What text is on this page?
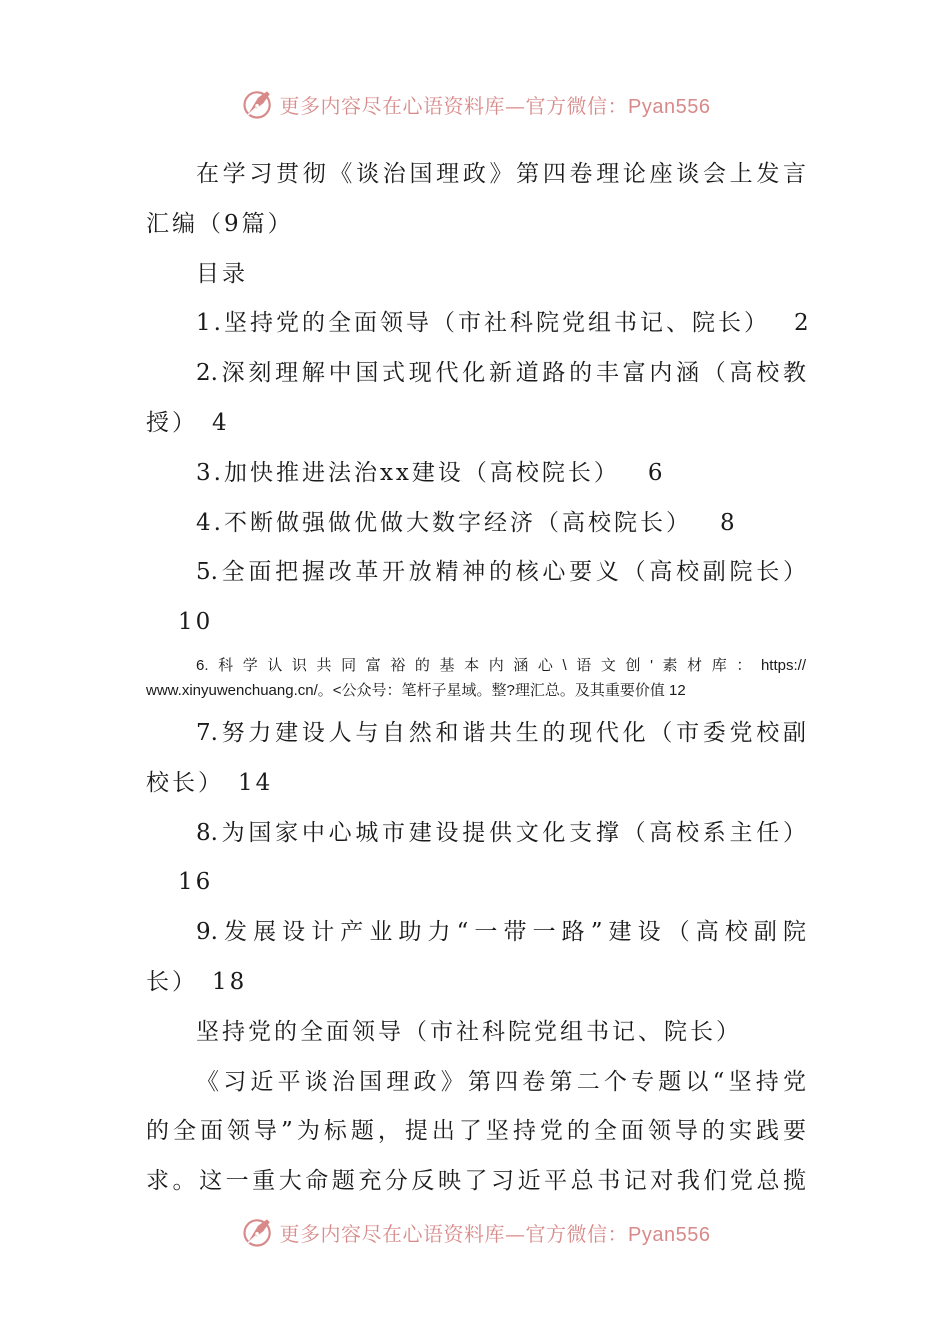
更多内容尽在心语资料库—官方微信：Pyan556
在学习贯彻《谈治国理政》第四卷理论座谈会上发言
汇编（9篇）
目录
1.坚持党的全面领导（市社科院党组书记、院长） 2
2.深刻理解中国式现代化新道路的丰富内涵（高校教
授） 4
3.加快推进法治xx建设（高校院长） 6
4.不断做强做优做大数字经济（高校院长） 8
5.全面把握改革开放精神的核心要义（高校副院长）
10
6.科学认识共同富裕的基本内涵心\语文创'素材库：https://
www.xinyuwenchuang.cn/。<公众号：笔杆子星域。整?理汇总。及其重要价值 12
7.努力建设人与自然和谐共生的现代化（市委党校副
校长） 14
8.为国家中心城市建设提供文化支撑（高校系主任）
16
9.发展设计产业助力“一带一路”建设（高校副院
长） 18
坚持党的全面领导（市社科院党组书记、院长）
《习近平谈治国理政》第四卷第二个专题以“坚持党
的全面领导”为标题，提出了坚持党的全面领导的实践要
求。这一重大命题充分反映了习近平总书记对我们党总揽
更多内容尽在心语资料库—官方微信：Pyan556
